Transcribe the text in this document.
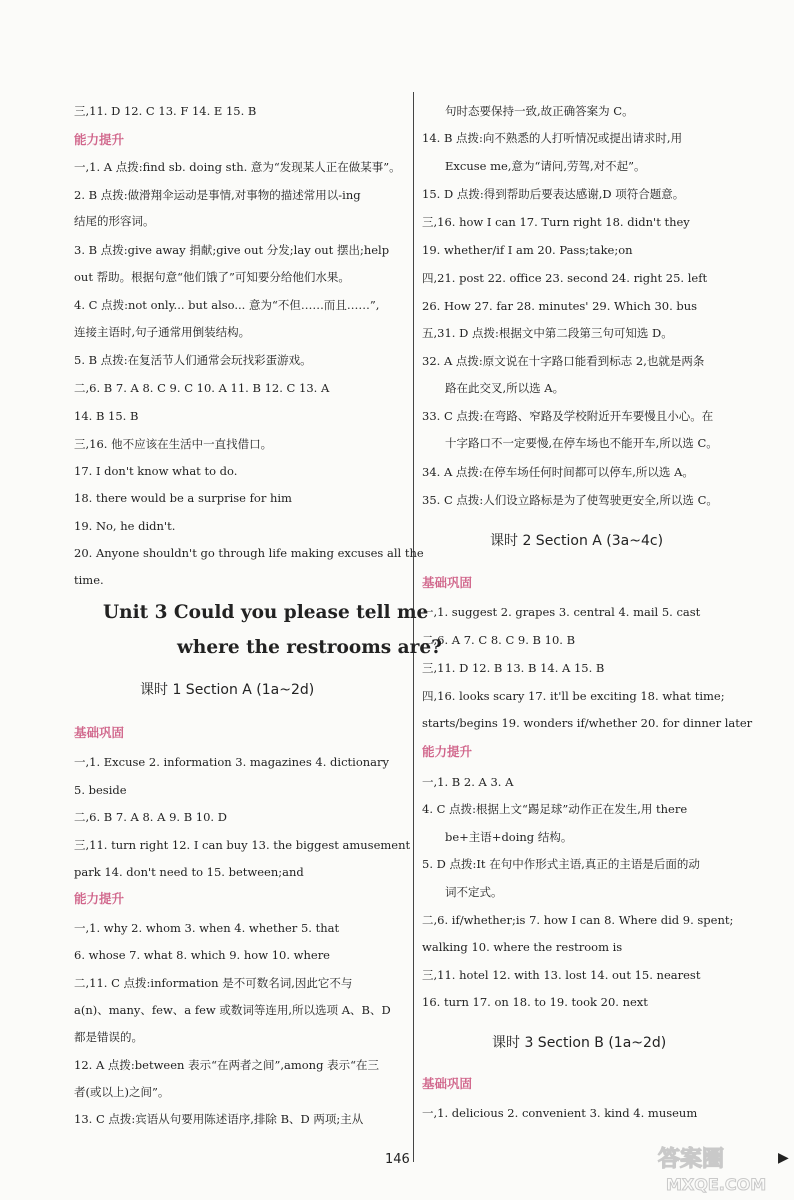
三,11. D 12. C 13. F 14. E 15. B
能力提升
一,1. A 点拨:find sb. doing sth. 意为“发现某人正在做某事”。
2. B 点拨:做滑翔伞运动是事情,对事物的描述常用以-ing
结尾的形容词。
3. B 点拨:give away 捐献;give out 分发;lay out 摆出;help
out 帮助。根据句意“他们饿了”可知要分给他们水果。
4. C 点拨:not only... but also... 意为“不但……而且……”,
连接主语时,句子通常用倒装结构。
5. B 点拨:在复活节人们通常会玩找彩蛋游戏。
二,6. B 7. A 8. C 9. C 10. A 11. B 12. C 13. A
14. B 15. B
三,16. 他不应该在生活中一直找借口。
17. I don't know what to do.
18. there would be a surprise for him
19. No, he didn't.
20. Anyone shouldn't go through life making excuses all the
time.
Unit 3 Could you please tell me
where the restrooms are?
课时 1 Section A (1a~2d)
基础巩固
一,1. Excuse 2. information 3. magazines 4. dictionary
5. beside
二,6. B 7. A 8. A 9. B 10. D
三,11. turn right 12. I can buy 13. the biggest amusement
park 14. don't need to 15. between;and
能力提升
一,1. why 2. whom 3. when 4. whether 5. that
6. whose 7. what 8. which 9. how 10. where
二,11. C 点拨:information 是不可数名词,因此它不与
a(n)、many、few、a few 或数词等连用,所以选项 A、B、D
都是错误的。
12. A 点拨:between 表示“在两者之间”,among 表示“在三
者(或以上)之间”。
13. C 点拨:宾语从句要用陈述语序,排除 B、D 两项;主从
句时态要保持一致,故正确答案为 C。
14. B 点拨:向不熟悉的人打听情况或提出请求时,用
Excuse me,意为“请问,劳驾,对不起”。
15. D 点拨:得到帮助后要表达感谢,D 项符合题意。
三,16. how I can 17. Turn right 18. didn't they
19. whether/if I am 20. Pass;take;on
四,21. post 22. office 23. second 24. right 25. left
26. How 27. far 28. minutes' 29. Which 30. bus
五,31. D 点拨:根据文中第二段第三句可知选 D。
32. A 点拨:原文说在十字路口能看到标志 2,也就是两条
路在此交叉,所以选 A。
33. C 点拨:在弯路、窄路及学校附近开车要慢且小心。在
十字路口不一定要慢,在停车场也不能开车,所以选 C。
34. A 点拨:在停车场任何时间都可以停车,所以选 A。
35. C 点拨:人们设立路标是为了使驾驶更安全,所以选 C。
课时 2 Section A (3a~4c)
基础巩固
一,1. suggest 2. grapes 3. central 4. mail 5. cast
二,6. A 7. C 8. C 9. B 10. B
三,11. D 12. B 13. B 14. A 15. B
四,16. looks scary 17. it'll be exciting 18. what time;
starts/begins 19. wonders if/whether 20. for dinner later
能力提升
一,1. B 2. A 3. A
4. C 点拨:根据上文“踢足球”动作正在发生,用 there
be+主语+doing 结构。
5. D 点拨:It 在句中作形式主语,真正的主语是后面的动
词不定式。
二,6. if/whether;is 7. how I can 8. Where did 9. spent;
walking 10. where the restroom is
三,11. hotel 12. with 13. lost 14. out 15. nearest
16. turn 17. on 18. to 19. took 20. next
课时 3 Section B (1a~2d)
基础巩固
一,1. delicious 2. convenient 3. kind 4. museum
146	▶
答案圈
MXQE.COM
